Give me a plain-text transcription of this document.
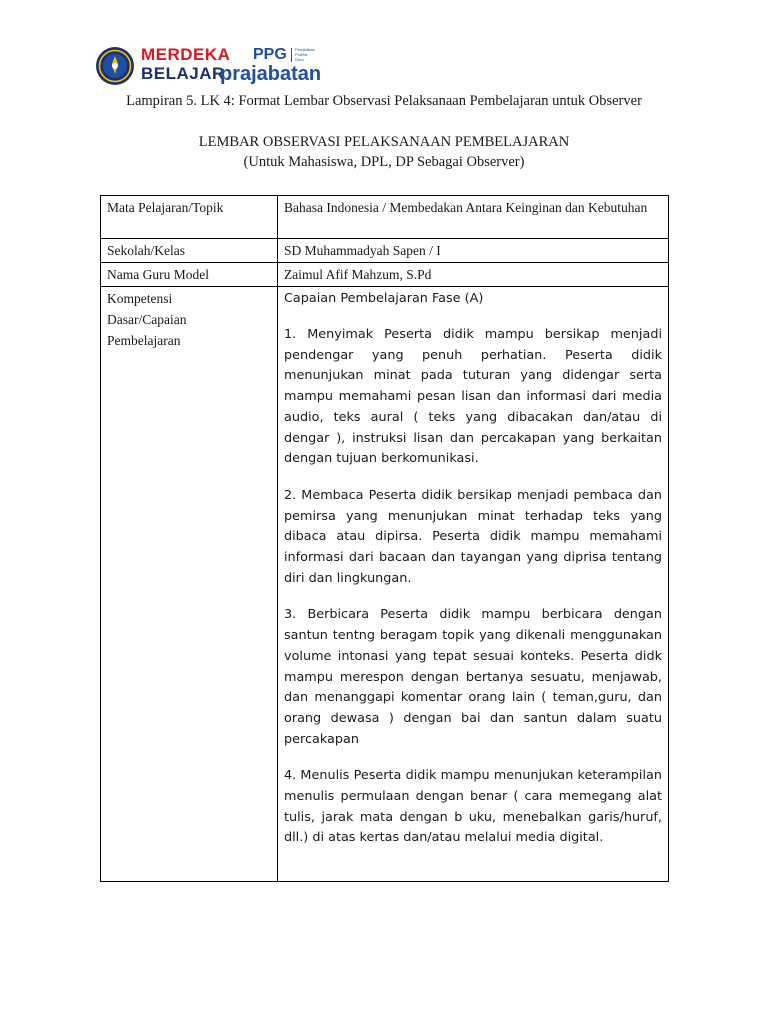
MERDEKA
BELAJAR
PPG Pendidikan Profesi Guru
prajabatan
Lampiran 5. LK 4: Format Lembar Observasi Pelaksanaan Pembelajaran untuk Observer
LEMBAR OBSERVASI PELAKSANAAN PEMBELAJARAN
(Untuk Mahasiswa, DPL, DP Sebagai Observer)
Mata Pelajaran/Topik	Bahasa Indonesia / Membedakan Antara Keinginan dan Kebutuhan
Sekolah/Kelas	SD Muhammadyah Sapen / I
Nama Guru Model	Zaimul Afif Mahzum, S.Pd
Kompetensi Dasar/Capaian Pembelajaran	Capaian Pembelajaran Fase (A)

1. Menyimak Peserta didik mampu bersikap menjadi pendengar yang penuh perhatian. Peserta didik menunjukan minat pada tuturan yang didengar serta mampu memahami pesan lisan dan informasi dari media audio, teks aural ( teks yang dibacakan dan/atau di dengar ), instruksi lisan dan percakapan yang berkaitan dengan tujuan berkomunikasi.

2. Membaca Peserta didik bersikap menjadi pembaca dan pemirsa yang menunjukan minat terhadap teks yang dibaca atau dipirsa. Peserta didik mampu memahami informasi dari bacaan dan tayangan yang diprisa tentang diri dan lingkungan.

3. Berbicara Peserta didik mampu berbicara dengan santun tentng beragam topik yang dikenali menggunakan volume intonasi yang tepat sesuai konteks. Peserta didk mampu merespon dengan bertanya sesuatu, menjawab, dan menanggapi komentar orang lain ( teman,guru, dan orang dewasa ) dengan bai dan santun dalam suatu percakapan

4. Menulis Peserta didik mampu menunjukan keterampilan menulis permulaan dengan benar ( cara memegang alat tulis, jarak mata dengan b uku, menebalkan garis/huruf, dll.) di atas kertas dan/atau melalui media digital.
